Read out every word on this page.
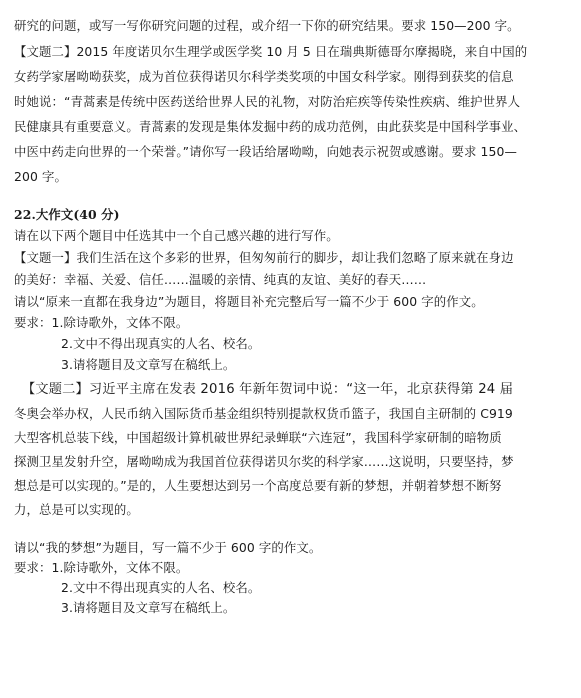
研究的问题，或写一写你研究问题的过程，或介绍一下你的研究结果。要求 150—200 字。
【文题二】2015 年度诺贝尔生理学或医学奖 10 月 5 日在瑞典斯德哥尔摩揭晓，来自中国的
女药学家屠呦呦获奖，成为首位获得诺贝尔科学类奖项的中国女科学家。刚得到获奖的信息
时她说：“青蒿素是传统中医药送给世界人民的礼物，对防治疟疾等传染性疾病、维护世界人
民健康具有重要意义。青蒿素的发现是集体发掘中药的成功范例，由此获奖是中国科学事业、
中医中药走向世界的一个荣誉。”请你写一段话给屠呦呦，向她表示祝贺或感谢。要求 150—
200 字。
22.大作文(40 分)
请在以下两个题目中任选其中一个自己感兴趣的进行写作。
【文题一】我们生活在这个多彩的世界，但匆匆前行的脚步，却让我们忽略了原来就在身边
的美好：幸福、关爱、信任……温暖的亲情、纯真的友谊、美好的春天……
请以“原来一直都在我身边”为题目，将题目补充完整后写一篇不少于 600 字的作文。
要求：1.除诗歌外，文体不限。
2.文中不得出现真实的人名、校名。
3.请将题目及文章写在稿纸上。
【文题二】习近平主席在发表 2016 年新年贺词中说：“这一年，北京获得第 24 届
冬奥会举办权，人民币纳入国际货币基金组织特别提款权货币篮子，我国自主研制的 C919
大型客机总装下线，中国超级计算机破世界纪录蝉联“六连冠”，我国科学家研制的暗物质
探测卫星发射升空，屠呦呦成为我国首位获得诺贝尔奖的科学家……这说明，只要坚持，梦
想总是可以实现的。”是的，人生要想达到另一个高度总要有新的梦想，并朝着梦想不断努
力，总是可以实现的。
请以“我的梦想”为题目，写一篇不少于 600 字的作文。
要求：1.除诗歌外，文体不限。
2.文中不得出现真实的人名、校名。
3.请将题目及文章写在稿纸上。
